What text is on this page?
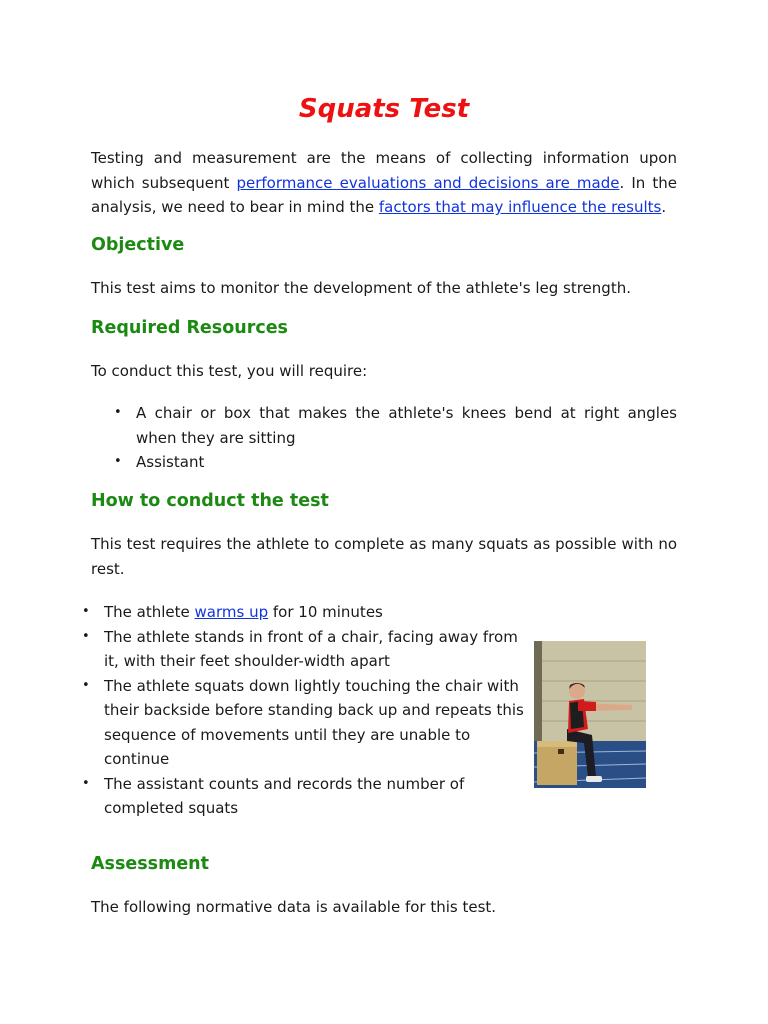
Squats Test

Testing and measurement are the means of collecting information upon which subsequent performance evaluations and decisions are made. In the analysis, we need to bear in mind the factors that may influence the results.

Objective

This test aims to monitor the development of the athlete's leg strength.

Required Resources

To conduct this test, you will require:

• A chair or box that makes the athlete's knees bend at right angles when they are sitting
• Assistant
How to conduct the test

This test requires the athlete to complete as many squats as possible with no rest.

• The athlete warms up for 10 minutes
• The athlete stands in front of a chair, facing away from it, with their feet shoulder-width apart
• The athlete squats down lightly touching the chair with their backside before standing back up and repeats this sequence of movements until they are unable to continue
• The assistant counts and records the number of completed squats
Assessment

The following normative data is available for this test.
